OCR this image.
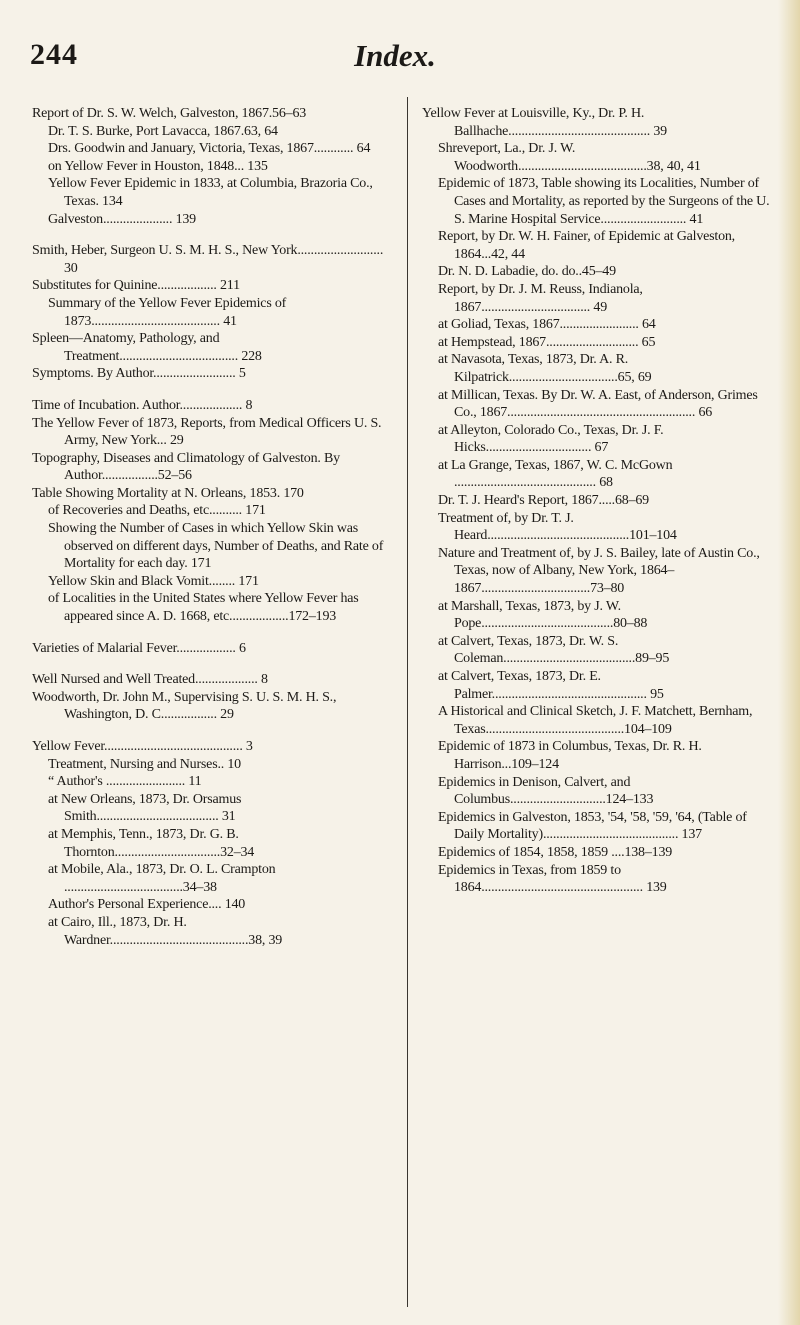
244	Index.
Report of Dr. S. W. Welch, Galveston, 1867.56–63
Dr. T. S. Burke, Port Lavacca, 1867.63, 64
Drs. Goodwin and January, Victoria, Texas, 1867............ 64
on Yellow Fever in Houston, 1848... 135
Yellow Fever Epidemic in 1833, at Columbia, Brazoria Co., Texas. 134
Galveston..................... 139
Smith, Heber, Surgeon U. S. M. H. S., New York.......................... 30
Substitutes for Quinine.................. 211
Summary of the Yellow Fever Epidemics of 1873....................................... 41
Spleen—Anatomy, Pathology, and Treatment.................................... 228
Symptoms. By Author......................... 5
Time of Incubation. Author................... 8
The Yellow Fever of 1873, Reports, from Medical Officers U. S. Army, New York... 29
Topography, Diseases and Climatology of Galveston. By Author.................52–56
Table Showing Mortality at N. Orleans, 1853. 170
of Recoveries and Deaths, etc.......... 171
Showing the Number of Cases in which Yellow Skin was observed on different days, Number of Deaths, and Rate of Mortality for each day. 171
Yellow Skin and Black Vomit........ 171
of Localities in the United States where Yellow Fever has appeared since A. D. 1668, etc..................172–193
Varieties of Malarial Fever.................. 6
Well Nursed and Well Treated................... 8
Woodworth, Dr. John M., Supervising S. U. S. M. H. S., Washington, D. C................. 29
Yellow Fever.......................................... 3
Treatment, Nursing and Nurses.. 10
“ Author's ........................ 11
at New Orleans, 1873, Dr. Orsamus Smith..................................... 31
at Memphis, Tenn., 1873, Dr. G. B. Thornton................................32–34
at Mobile, Ala., 1873, Dr. O. L. Crampton ....................................34–38
Author's Personal Experience.... 140
at Cairo, Ill., 1873, Dr. H. Wardner..........................................38, 39
Yellow Fever at Louisville, Ky., Dr. P. H. Ballhache........................................... 39
Shreveport, La., Dr. J. W. Woodworth.......................................38, 40, 41
Epidemic of 1873, Table showing its Localities, Number of Cases and Mortality, as reported by the Surgeons of the U. S. Marine Hospital Service.......................... 41
Report, by Dr. W. H. Fainer, of Epidemic at Galveston, 1864...42, 44
Dr. N. D. Labadie, do. do..45–49
Report, by Dr. J. M. Reuss, Indianola, 1867................................. 49
at Goliad, Texas, 1867........................ 64
at Hempstead, 1867............................ 65
at Navasota, Texas, 1873, Dr. A. R. Kilpatrick.................................65, 69
at Millican, Texas. By Dr. W. A. East, of Anderson, Grimes Co., 1867......................................................... 66
at Alleyton, Colorado Co., Texas, Dr. J. F. Hicks................................ 67
at La Grange, Texas, 1867, W. C. McGown ........................................... 68
Dr. T. J. Heard's Report, 1867.....68–69
Treatment of, by Dr. T. J. Heard...........................................101–104
Nature and Treatment of, by J. S. Bailey, late of Austin Co., Texas, now of Albany, New York, 1864–1867.................................73–80
at Marshall, Texas, 1873, by J. W. Pope........................................80–88
at Calvert, Texas, 1873, Dr. W. S. Coleman........................................89–95
at Calvert, Texas, 1873, Dr. E. Palmer............................................... 95
A Historical and Clinical Sketch, J. F. Matchett, Bernham, Texas..........................................104–109
Epidemic of 1873 in Columbus, Texas, Dr. R. H. Harrison...109–124
Epidemics in Denison, Calvert, and Columbus.............................124–133
Epidemics in Galveston, 1853, '54, '58, '59, '64, (Table of Daily Mortality)......................................... 137
Epidemics of 1854, 1858, 1859 ....138–139
Epidemics in Texas, from 1859 to 1864................................................. 139
